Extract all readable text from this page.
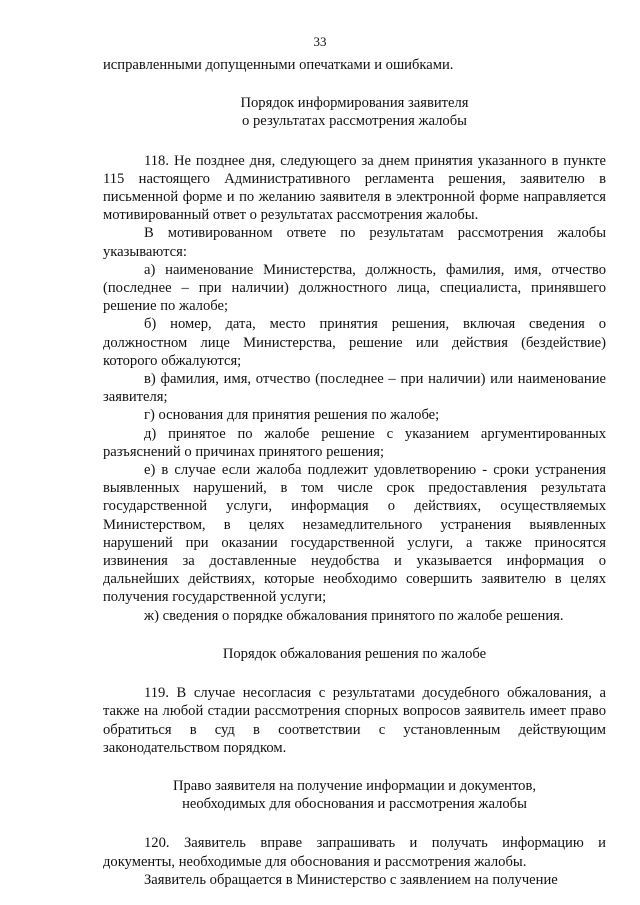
33

исправленными допущенными опечатками и ошибками.

Порядок информирования заявителя

о результатах рассмотрения жалобы

118. Не позднее дня, следующего за днем принятия указанного в пункте 115 настоящего Административного регламента решения, заявителю в письменной форме и по желанию заявителя в электронной форме направляется мотивированный ответ о результатах рассмотрения жалобы.

В мотивированном ответе по результатам рассмотрения жалобы указываются:

а) наименование Министерства, должность, фамилия, имя, отчество (последнее – при наличии) должностного лица, специалиста, принявшего решение по жалобе;

б) номер, дата, место принятия решения, включая сведения о должностном лице Министерства, решение или действия (бездействие) которого обжалуются;

в) фамилия, имя, отчество (последнее – при наличии) или наименование заявителя;

г) основания для принятия решения по жалобе;

д) принятое по жалобе решение с указанием аргументированных разъяснений о причинах принятого решения;

е) в случае если жалоба подлежит удовлетворению - сроки устранения выявленных нарушений, в том числе срок предоставления результата государственной услуги, информация о действиях, осуществляемых Министерством, в целях незамедлительного устранения выявленных нарушений при оказании государственной услуги, а также приносятся извинения за доставленные неудобства и указывается информация о дальнейших действиях, которые необходимо совершить заявителю в целях получения государственной услуги;

ж) сведения о порядке обжалования принятого по жалобе решения.

Порядок обжалования решения по жалобе

119. В случае несогласия с результатами досудебного обжалования, а также на любой стадии рассмотрения спорных вопросов заявитель имеет право обратиться в суд в соответствии с установленным действующим законодательством порядком.

Право заявителя на получение информации и документов,

необходимых для обоснования и рассмотрения жалобы

120. Заявитель вправе запрашивать и получать информацию и документы, необходимые для обоснования и рассмотрения жалобы.

Заявитель обращается в Министерство с заявлением на получение
